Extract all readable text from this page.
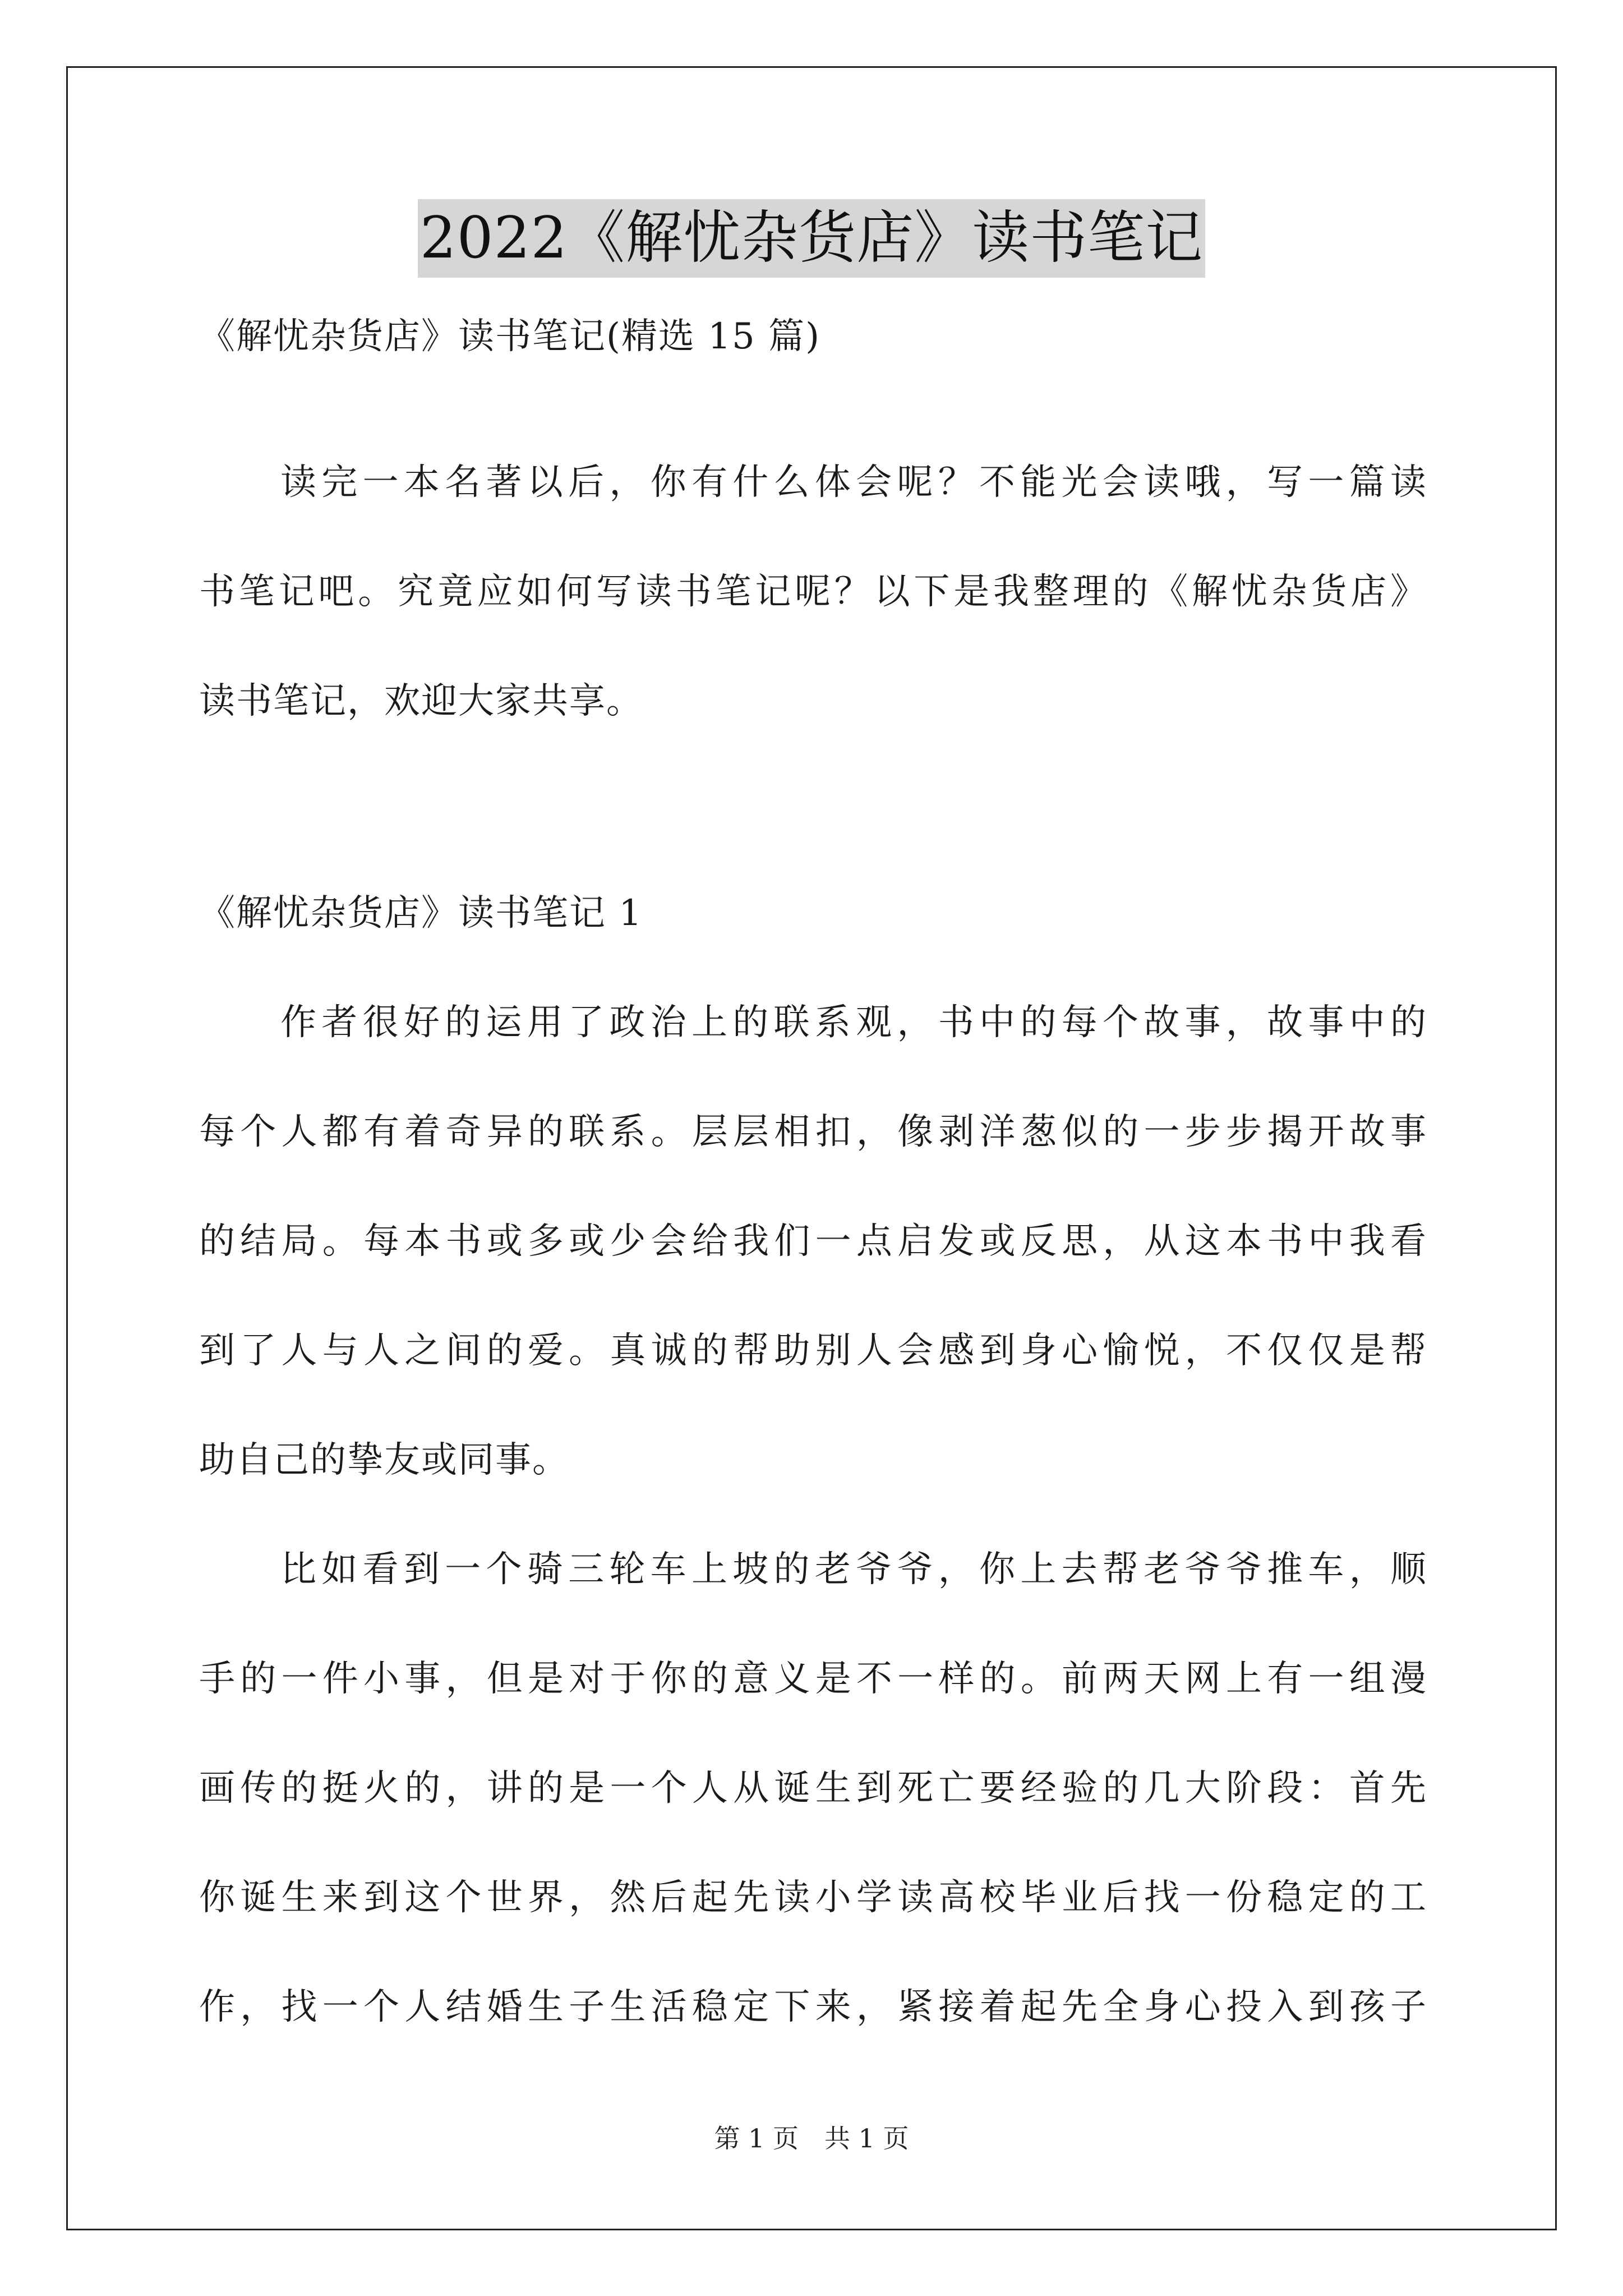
2022《解忧杂货店》读书笔记
《解忧杂货店》读书笔记(精选 15 篇)
读完一本名著以后，你有什么体会呢？不能光会读哦，写一篇读
书笔记吧。究竟应如何写读书笔记呢？以下是我整理的《解忧杂货店》
读书笔记，欢迎大家共享。
《解忧杂货店》读书笔记 1
作者很好的运用了政治上的联系观，书中的每个故事，故事中的
每个人都有着奇异的联系。层层相扣，像剥洋葱似的一步步揭开故事
的结局。每本书或多或少会给我们一点启发或反思，从这本书中我看
到了人与人之间的爱。真诚的帮助别人会感到身心愉悦，不仅仅是帮
助自己的挚友或同事。
比如看到一个骑三轮车上坡的老爷爷，你上去帮老爷爷推车，顺
手的一件小事，但是对于你的意义是不一样的。前两天网上有一组漫
画传的挺火的，讲的是一个人从诞生到死亡要经验的几大阶段：首先
你诞生来到这个世界，然后起先读小学读高校毕业后找一份稳定的工
作，找一个人结婚生子生活稳定下来，紧接着起先全身心投入到孩子
第 1 页　共 1 页
